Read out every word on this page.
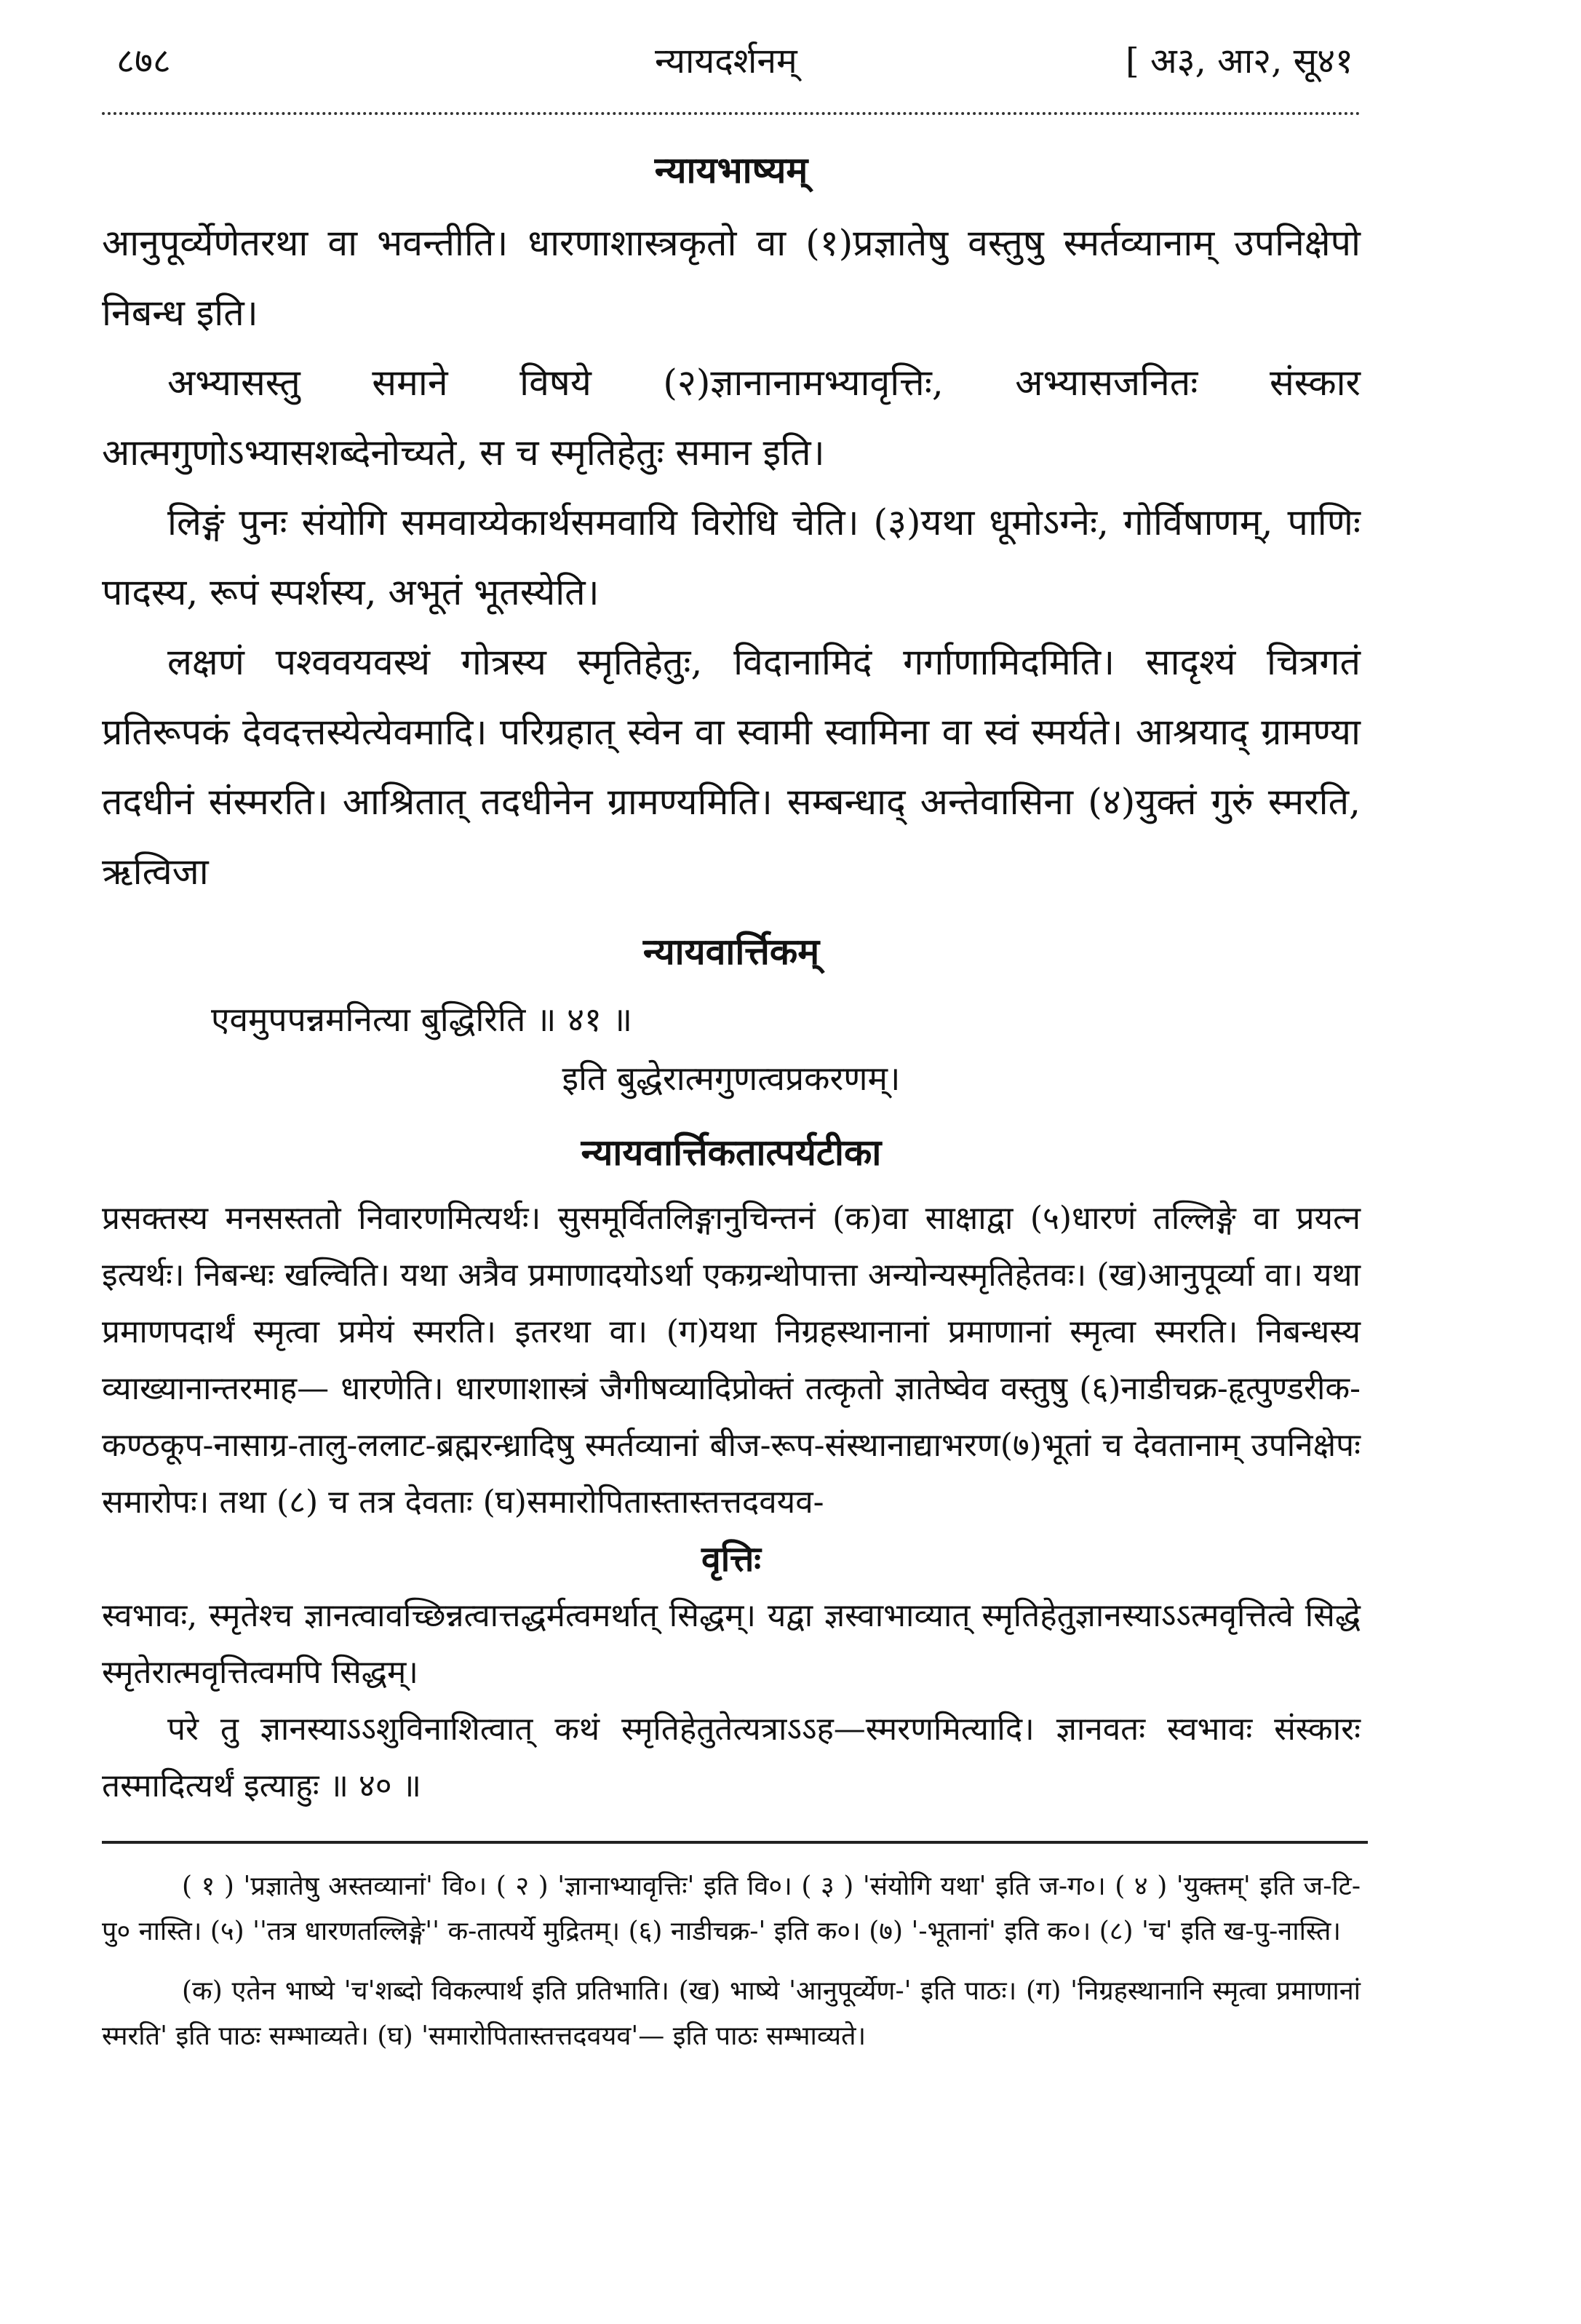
८७८	न्यायदर्शनम्	[ अ३, आ२, सू४१
न्यायभाष्यम्

आनुपूर्व्येणेतरथा वा भवन्तीति। धारणाशास्त्रकृतो वा (१)प्रज्ञातेषु वस्तुषु स्मर्तव्यानाम् उपनिक्षेपो निबन्ध इति।

अभ्यासस्तु समाने विषये (२)ज्ञानानामभ्यावृत्तिः, अभ्यासजनितः संस्कार आत्मगुणोऽभ्यासशब्देनोच्यते, स च स्मृतिहेतुः समान इति।

लिङ्गं पुनः संयोगि समवाय्येकार्थसमवायि विरोधि चेति। (३)यथा धूमोऽग्नेः, गोर्विषाणम्, पाणिः पादस्य, रूपं स्पर्शस्य, अभूतं भूतस्येति।

लक्षणं पश्ववयवस्थं गोत्रस्य स्मृतिहेतुः, विदानामिदं गर्गाणामिदमिति। सादृश्यं चित्रगतं प्रतिरूपकं देवदत्तस्येत्येवमादि। परिग्रहात् स्वेन वा स्वामी स्वामिना वा स्वं स्मर्यते। आश्रयाद् ग्रामण्या तदधीनं संस्मरति। आश्रितात् तदधीनेन ग्रामण्यमिति। सम्बन्धाद् अन्तेवासिना (४)युक्तं गुरुं स्मरति, ऋत्विजा

न्यायवार्त्तिकम्

एवमुपपन्नमनित्या बुद्धिरिति ॥ ४१ ॥

इति बुद्धेरात्मगुणत्वप्रकरणम्।

न्यायवार्त्तिकतात्पर्यटीका

प्रसक्तस्य मनसस्ततो निवारणमित्यर्थः। सुसमूर्वितलिङ्गानुचिन्तनं (क)वा साक्षाद्वा (५)धारणं तल्लिङ्गे वा प्रयत्न इत्यर्थः। निबन्धः खल्विति। यथा अत्रैव प्रमाणादयोऽर्था एकग्रन्थोपात्ता अन्योन्यस्मृतिहेतवः। (ख)आनुपूर्व्या वा। यथा प्रमाणपदार्थं स्मृत्वा प्रमेयं स्मरति। इतरथा वा। (ग)यथा निग्रहस्थानानां प्रमाणानां स्मृत्वा स्मरति। निबन्धस्य व्याख्यानान्तरमाह— धारणेति। धारणाशास्त्रं जैगीषव्यादिप्रोक्तं तत्कृतो ज्ञातेष्वेव वस्तुषु (६)नाडीचक्र-हृत्पुण्डरीक-कण्ठकूप-नासाग्र-तालु-ललाट-ब्रह्मरन्ध्रादिषु स्मर्तव्यानां बीज-रूप-संस्थानाद्याभरण(७)भूतां च देवतानाम् उपनिक्षेपः समारोपः। तथा (८) च तत्र देवताः (घ)समारोपितास्तास्तत्तदवयव-

वृत्तिः

स्वभावः, स्मृतेश्च ज्ञानत्वावच्छिन्नत्वात्तद्धर्मत्वमर्थात् सिद्धम्। यद्वा ज्ञस्वाभाव्यात् स्मृतिहेतुज्ञानस्याऽऽत्मवृत्तित्वे सिद्धे स्मृतेरात्मवृत्तित्वमपि सिद्धम्।

परे तु ज्ञानस्याऽऽशुविनाशित्वात् कथं स्मृतिहेतुतेत्यत्राऽऽह—स्मरणमित्यादि। ज्ञानवतः स्वभावः संस्कारः तस्मादित्यर्थं इत्याहुः ॥ ४० ॥

( १ ) 'प्रज्ञातेषु अस्तव्यानां' वि०। ( २ ) 'ज्ञानाभ्यावृत्तिः' इति वि०। ( ३ ) 'संयोगि यथा' इति ज-ग०। ( ४ ) 'युक्तम्' इति ज-टि-पु० नास्ति। (५) ''तत्र धारणतल्लिङ्गे'' क-तात्पर्ये मुद्रितम्। (६) नाडीचक्र-' इति क०। (७) '-भूतानां' इति क०। (८) 'च' इति ख-पु-नास्ति।

(क) एतेन भाष्ये 'च'शब्दो विकल्पार्थ इति प्रतिभाति। (ख) भाष्ये 'आनुपूर्व्येण-' इति पाठः। (ग) 'निग्रहस्थानानि स्मृत्वा प्रमाणानां स्मरति' इति पाठः सम्भाव्यते। (घ) 'समारोपितास्तत्तदवयव'— इति पाठः सम्भाव्यते।
